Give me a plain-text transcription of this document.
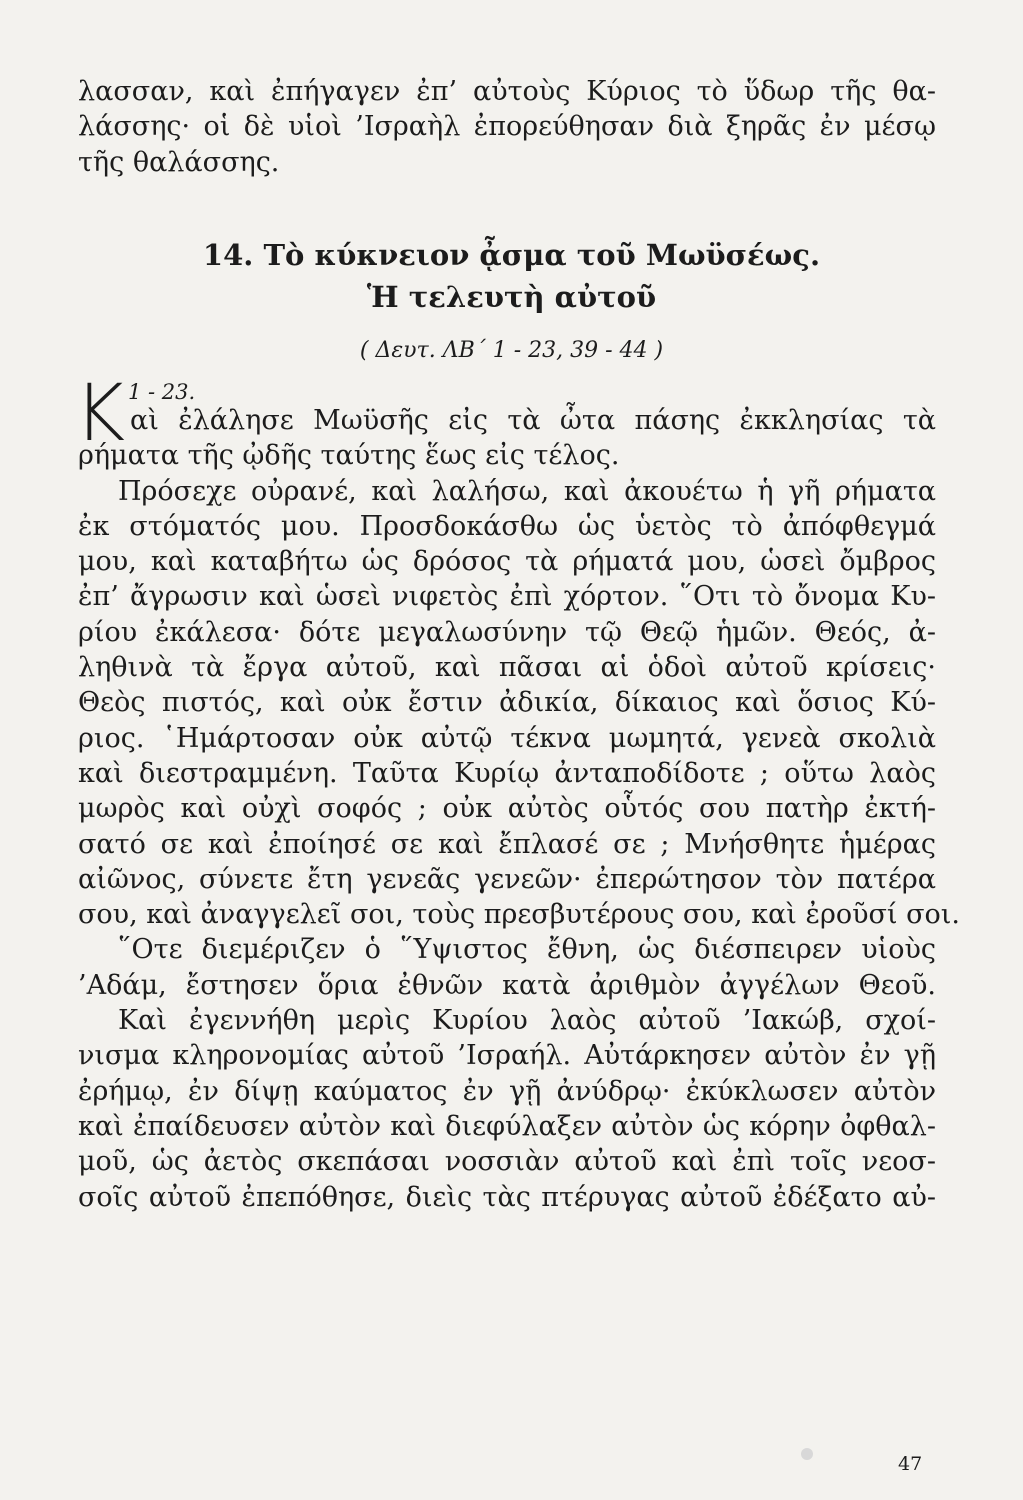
λασσαν, καὶ ἐπήγαγεν ἐπ’ αὐτοὺς Κύριος τὸ ὕδωρ τῆς θα-
λάσσης· οἱ δὲ υἱοὶ ’Ισραὴλ ἐπορεύθησαν διὰ ξηρᾶς ἐν μέσῳ
τῆς θαλάσσης.
14. Τὸ κύκνειον ᾆσμα τοῦ Μωϋσέως.
Ἡ τελευτὴ αὐτοῦ
( Δευτ. ΛΒ΄ 1 - 23, 39 - 44 )
1 - 23.
Κ αὶ ἐλάλησε Μωϋσῆς εἰς τὰ ὦτα πάσης ἐκκλησίας τὰ
ρήματα τῆς ᾠδῆς ταύτης ἕως εἰς τέλος.
Πρόσεχε οὐρανέ, καὶ λαλήσω, καὶ ἀκουέτω ἡ γῆ ρήματα
ἐκ στόματός μου. Προσδοκάσθω ὡς ὑετὸς τὸ ἀπόφθεγμά
μου, καὶ καταβήτω ὡς δρόσος τὰ ρήματά μου, ὡσεὶ ὄμβρος
ἐπ’ ἄγρωσιν καὶ ὡσεὶ νιφετὸς ἐπὶ χόρτον. ῞Οτι τὸ ὄνομα Κυ-
ρίου ἐκάλεσα· δότε μεγαλωσύνην τῷ Θεῷ ἡμῶν. Θεός, ἀ-
ληθινὰ τὰ ἔργα αὐτοῦ, καὶ πᾶσαι αἱ ὁδοὶ αὐτοῦ κρίσεις·
Θεὸς πιστός, καὶ οὐκ ἔστιν ἀδικία, δίκαιος καὶ ὅσιος Κύ-
ριος. ῾Ημάρτοσαν οὐκ αὐτῷ τέκνα μωμητά, γενεὰ σκολιὰ
καὶ διεστραμμένη. Ταῦτα Κυρίῳ ἀνταποδίδοτε ; οὕτω λαὸς
μωρὸς καὶ οὐχὶ σοφός ; οὐκ αὐτὸς οὗτός σου πατὴρ ἐκτή-
σατό σε καὶ ἐποίησέ σε καὶ ἔπλασέ σε ; Μνήσθητε ἡμέρας
αἰῶνος, σύνετε ἔτη γενεᾶς γενεῶν· ἐπερώτησον τὸν πατέρα
σου, καὶ ἀναγγελεῖ σοι, τοὺς πρεσβυτέρους σου, καὶ ἐροῦσί σοι.
῞Οτε διεμέριζεν ὁ ῞Υψιστος ἔθνη, ὡς διέσπειρεν υἱοὺς
’Αδάμ, ἔστησεν ὅρια ἐθνῶν κατὰ ἀριθμὸν ἀγγέλων Θεοῦ.
Καὶ ἐγεννήθη μερὶς Κυρίου λαὸς αὐτοῦ ’Ιακώβ, σχοί-
νισμα κληρονομίας αὐτοῦ ’Ισραήλ. Αὐτάρκησεν αὐτὸν ἐν γῇ
ἐρήμῳ, ἐν δίψῃ καύματος ἐν γῇ ἀνύδρῳ· ἐκύκλωσεν αὐτὸν
καὶ ἐπαίδευσεν αὐτὸν καὶ διεφύλαξεν αὐτὸν ὡς κόρην ὀφθαλ-
μοῦ, ὡς ἀετὸς σκεπάσαι νοσσιὰν αὐτοῦ καὶ ἐπὶ τοῖς νεοσ-
σοῖς αὐτοῦ ἐπεπόθησε, διεὶς τὰς πτέρυγας αὐτοῦ ἐδέξατο αὐ-
47
